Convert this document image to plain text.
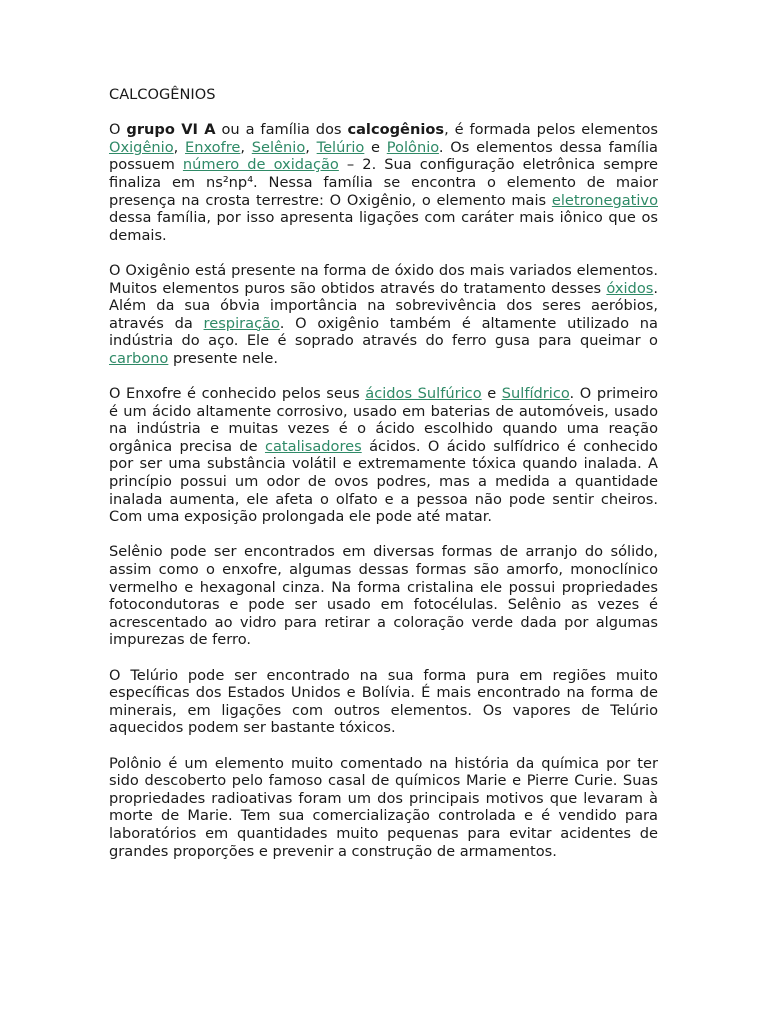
CALCOGÊNIOS

O grupo VI A ou a família dos calcogênios, é formada pelos elementos Oxigênio, Enxofre, Selênio, Telúrio e Polônio. Os elementos dessa família possuem número de oxidação – 2. Sua configuração eletrônica sempre finaliza em ns²np⁴. Nessa família se encontra o elemento de maior presença na crosta terrestre: O Oxigênio, o elemento mais eletronegativo dessa família, por isso apresenta ligações com caráter mais iônico que os demais.

O Oxigênio está presente na forma de óxido dos mais variados elementos. Muitos elementos puros são obtidos através do tratamento desses óxidos. Além da sua óbvia importância na sobrevivência dos seres aeróbios, através da respiração. O oxigênio também é altamente utilizado na indústria do aço. Ele é soprado através do ferro gusa para queimar o carbono presente nele.

O Enxofre é conhecido pelos seus ácidos Sulfúrico e Sulfídrico. O primeiro é um ácido altamente corrosivo, usado em baterias de automóveis, usado na indústria e muitas vezes é o ácido escolhido quando uma reação orgânica precisa de catalisadores ácidos. O ácido sulfídrico é conhecido por ser uma substância volátil e extremamente tóxica quando inalada. A princípio possui um odor de ovos podres, mas a medida a quantidade inalada aumenta, ele afeta o olfato e a pessoa não pode sentir cheiros. Com uma exposição prolongada ele pode até matar.

Selênio pode ser encontrados em diversas formas de arranjo do sólido, assim como o enxofre, algumas dessas formas são amorfo, monoclínico vermelho e hexagonal cinza. Na forma cristalina ele possui propriedades fotocondutoras e pode ser usado em fotocélulas. Selênio as vezes é acrescentado ao vidro para retirar a coloração verde dada por algumas impurezas de ferro.

O Telúrio pode ser encontrado na sua forma pura em regiões muito específicas dos Estados Unidos e Bolívia. É mais encontrado na forma de minerais, em ligações com outros elementos. Os vapores de Telúrio aquecidos podem ser bastante tóxicos.

Polônio é um elemento muito comentado na história da química por ter sido descoberto pelo famoso casal de químicos Marie e Pierre Curie. Suas propriedades radioativas foram um dos principais motivos que levaram à morte de Marie. Tem sua comercialização controlada e é vendido para laboratórios em quantidades muito pequenas para evitar acidentes de grandes proporções e prevenir a construção de armamentos.
